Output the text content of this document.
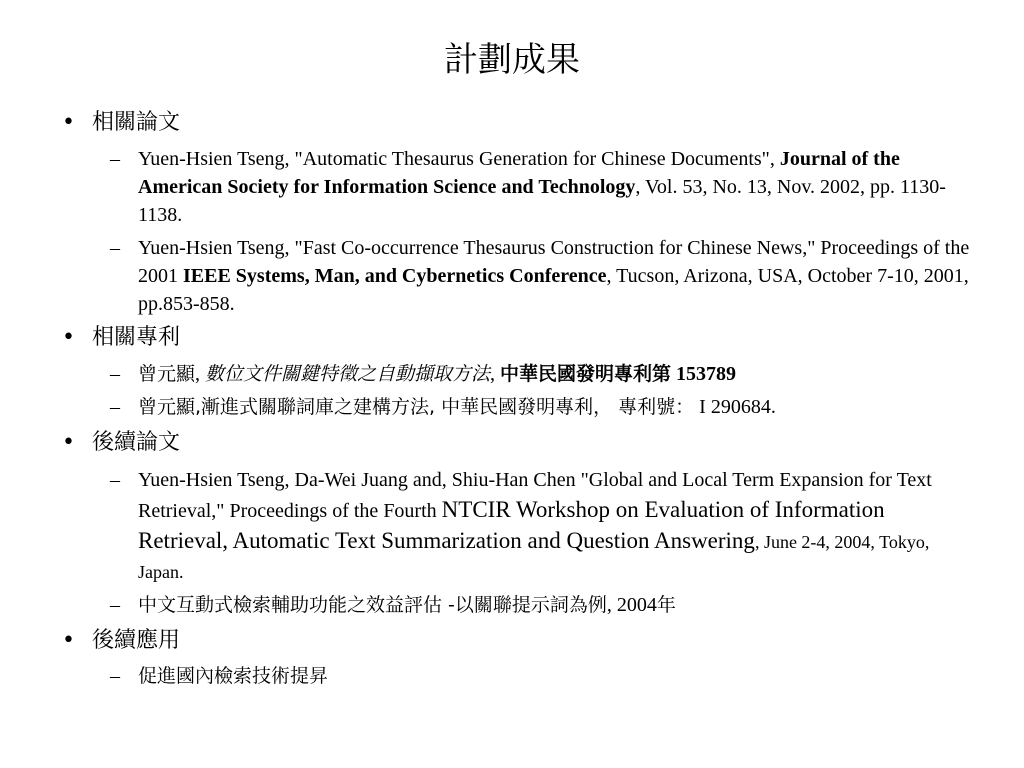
計劃成果
• 相關論文
– Yuen-Hsien Tseng, "Automatic Thesaurus Generation for Chinese Documents", Journal of the American Society for Information Science and Technology, Vol. 53, No. 13, Nov. 2002, pp. 1130-1138.
– Yuen-Hsien Tseng, "Fast Co-occurrence Thesaurus Construction for Chinese News," Proceedings of the 2001 IEEE Systems, Man, and Cybernetics Conference, Tucson, Arizona, USA, October 7-10, 2001, pp.853-858.
• 相關專利
– 曾元顯, 數位文件關鍵特徵之自動擷取方法, 中華民國發明專利第 153789
– 曾元顯,漸進式關聯詞庫之建構方法, 中華民國發明專利， 專利號： I 290684.
• 後續論文
– Yuen-Hsien Tseng, Da-Wei Juang and, Shiu-Han Chen "Global and Local Term Expansion for Text Retrieval," Proceedings of the Fourth NTCIR Workshop on Evaluation of Information Retrieval, Automatic Text Summarization and Question Answering, June 2-4, 2004, Tokyo, Japan.
– 中文互動式檢索輔助功能之效益評估 -以關聯提示詞為例, 2004年
• 後續應用
– 促進國內檢索技術提昇
